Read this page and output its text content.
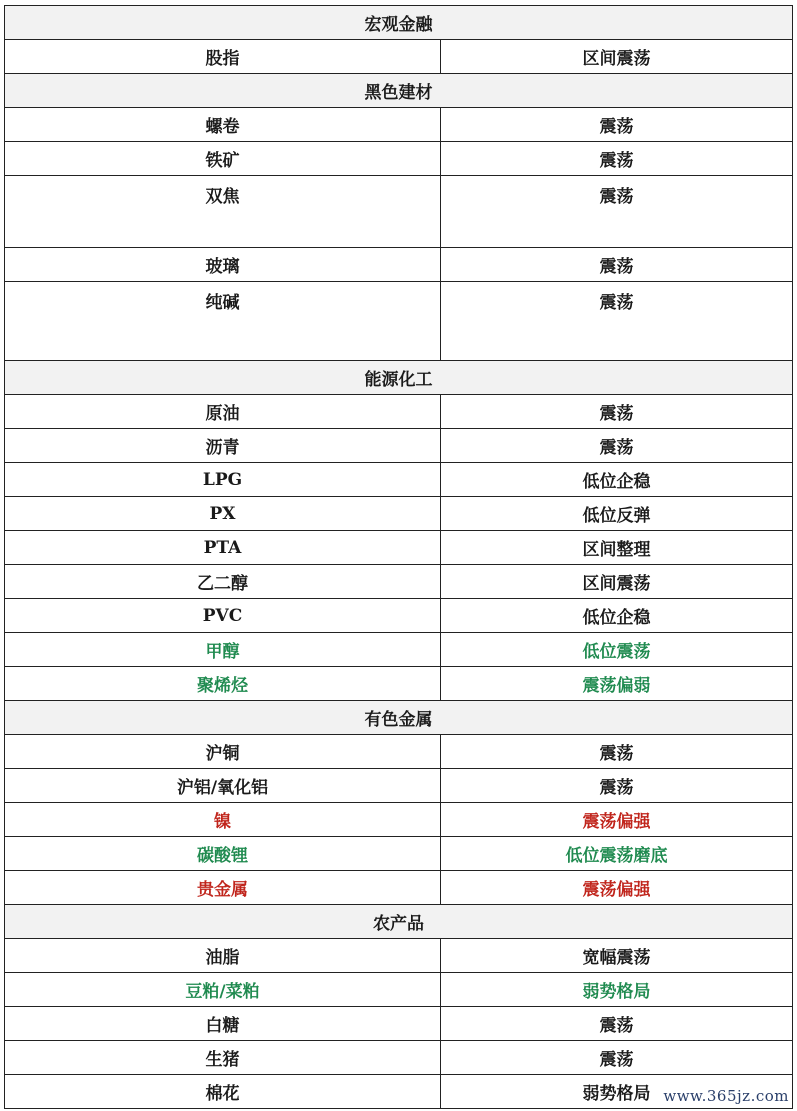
宏观金融	
股指	区间震荡
黑色建材	
螺卷	震荡
铁矿	震荡
双焦	震荡
玻璃	震荡
纯碱	震荡
能源化工	
原油	震荡
沥青	震荡
LPG	低位企稳
PX	低位反弹
PTA	区间整理
乙二醇	区间震荡
PVC	低位企稳
甲醇	低位震荡
聚烯烃	震荡偏弱
有色金属	
沪铜	震荡
沪铝/氧化铝	震荡
镍	震荡偏强
碳酸锂	低位震荡磨底
贵金属	震荡偏强
农产品	
油脂	宽幅震荡
豆粕/菜粕	弱势格局
白糖	震荡
生猪	震荡
棉花	弱势格局 www.365jz.com
